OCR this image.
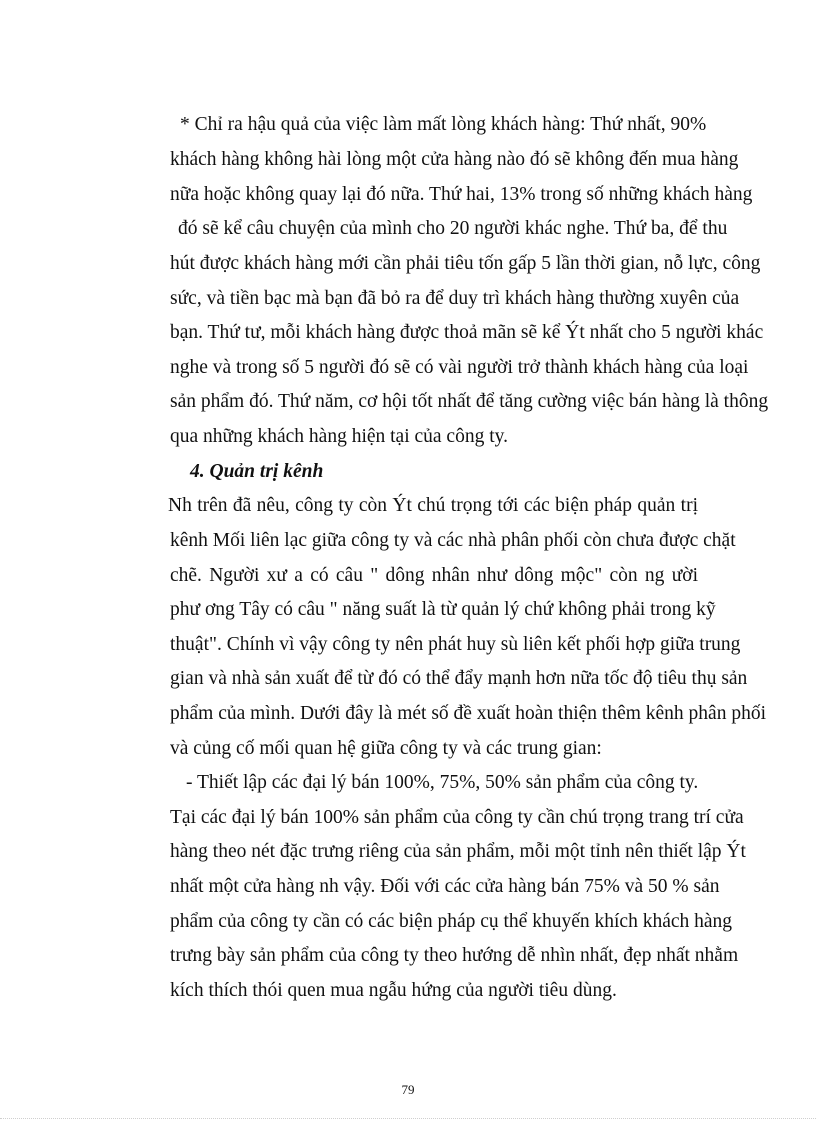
* Chỉ ra hậu quả của việc làm mất lòng khách hàng: Thứ nhất, 90%
khách hàng không hài lòng một cửa hàng nào đó sẽ không đến mua hàng
nữa hoặc không quay lại đó nữa. Thứ hai, 13% trong số những khách hàng
đó sẽ kể câu chuyện của mình cho 20 người khác nghe. Thứ ba, để thu
hút được khách hàng mới cần phải tiêu tốn gấp 5 lần thời gian, nỗ lực, công
sức, và tiền bạc mà bạn đã bỏ ra để duy trì khách hàng thường xuyên của
bạn. Thứ tư, mỗi khách hàng được thoả mãn sẽ kể Ýt nhất cho 5 người khác
nghe và trong số 5 người đó sẽ có vài người trở thành khách hàng của loại
sản phẩm đó. Thứ năm, cơ hội tốt nhất để tăng cường việc bán hàng là thông
qua những khách hàng hiện tại của công ty.
4. Quản trị kênh
Nh trên đã nêu, công ty còn Ýt chú trọng tới các biện pháp quản trị
kênh Mối liên lạc giữa công ty và các nhà phân phối còn chưa được chặt
chẽ. Người xư a có câu " dông nhân như dông mộc" còn ng ười
phư ơng Tây có câu " năng suất là từ quản lý chứ không phải trong kỹ
thuật". Chính vì vậy công ty nên phát huy sù liên kết phối hợp giữa trung
gian và nhà sản xuất để từ đó có thể đẩy mạnh hơn nữa tốc độ tiêu thụ sản
phẩm của mình. Dưới đây là mét số đề xuất hoàn thiện thêm kênh phân phối
và củng cố mối quan hệ giữa công ty và các trung gian:
- Thiết lập các đại lý bán 100%, 75%, 50% sản phẩm của công ty.
Tại các đại lý bán 100% sản phẩm của công ty cần chú trọng trang trí cửa
hàng theo nét đặc trưng riêng của sản phẩm, mỗi một tỉnh nên thiết lập Ýt
nhất một cửa hàng nh vậy. Đối với các cửa hàng bán 75% và 50 % sản
phẩm của công ty cần có các biện pháp cụ thể khuyến khích khách hàng
trưng bày sản phẩm của công ty theo hướng dễ nhìn nhất, đẹp nhất nhằm
kích thích thói quen mua ngẫu hứng của người tiêu dùng.
79
